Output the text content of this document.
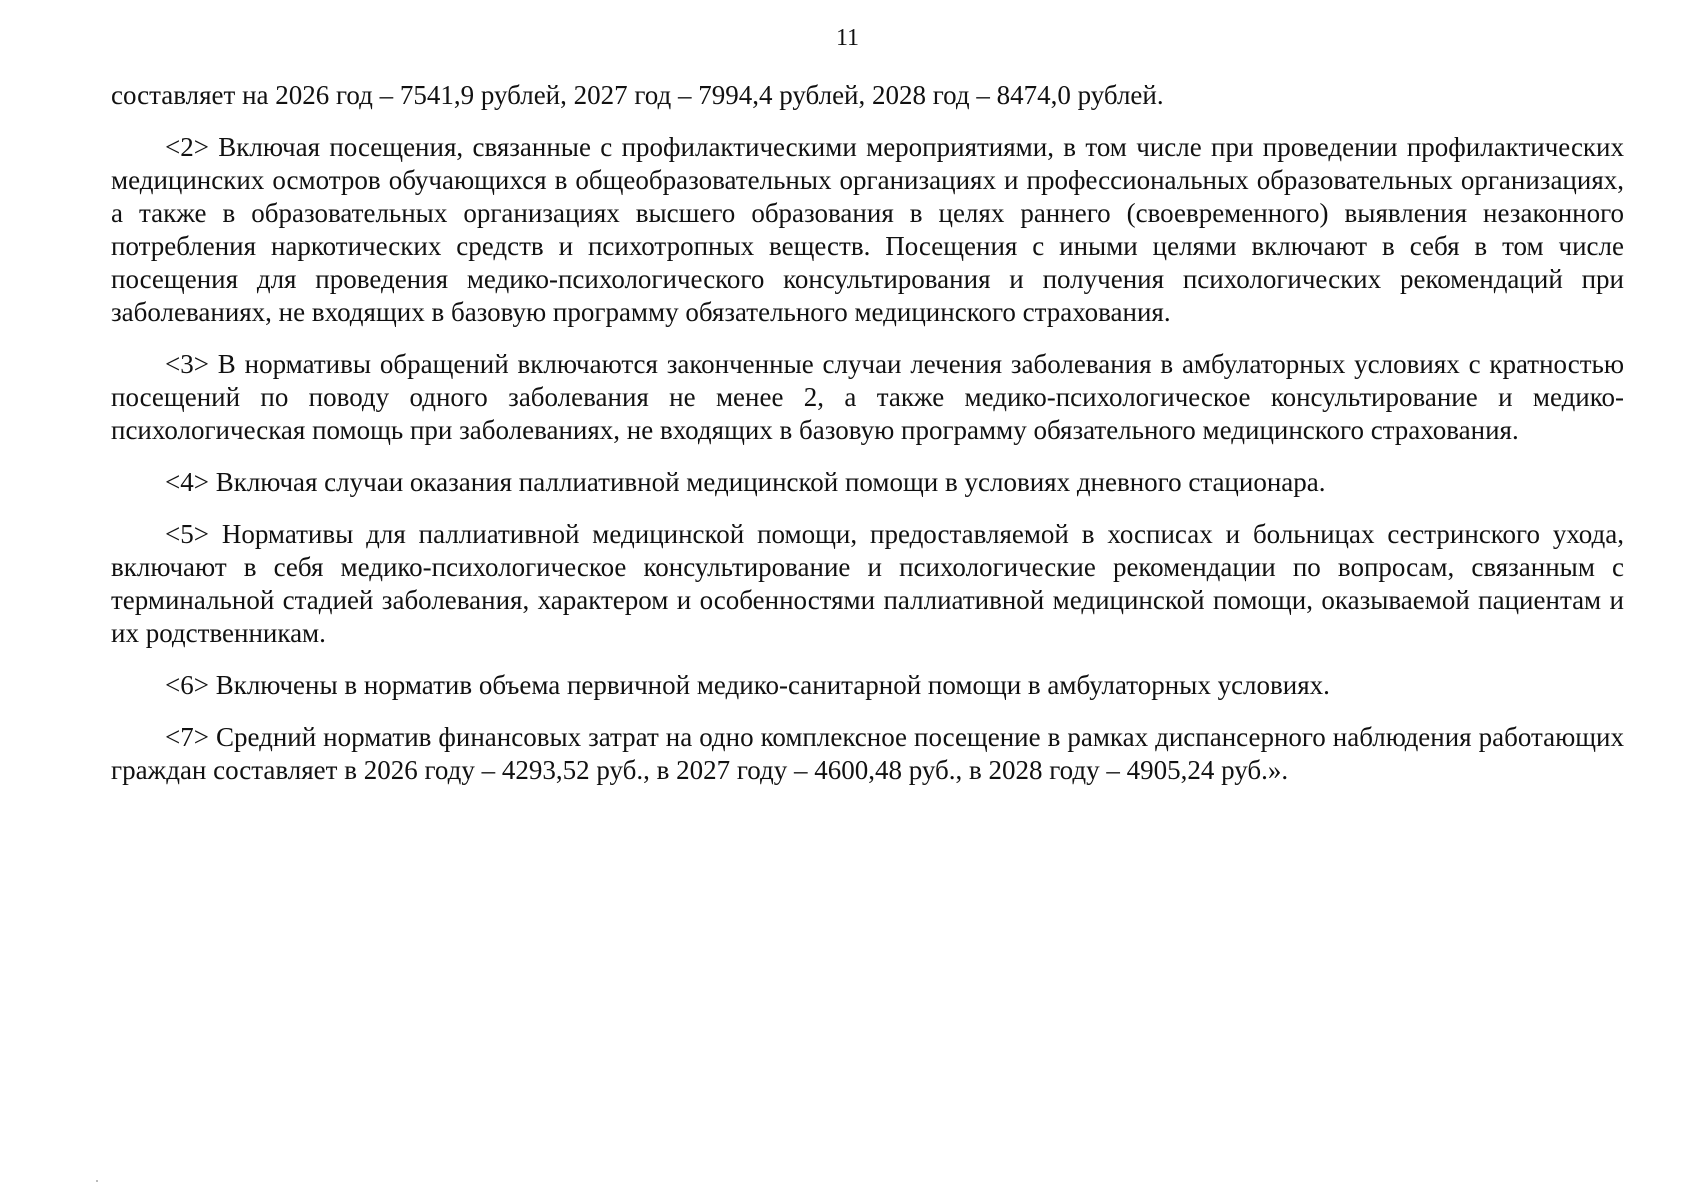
11

составляет на 2026 год – 7541,9 рублей, 2027 год – 7994,4 рублей, 2028 год – 8474,0 рублей.

<2> Включая посещения, связанные с профилактическими мероприятиями, в том числе при проведении профилактических медицинских осмотров обучающихся в общеобразовательных организациях и профессиональных образовательных организациях, а также в образовательных организациях высшего образования в целях раннего (своевременного) выявления незаконного потребления наркотических средств и психотропных веществ. Посещения с иными целями включают в себя в том числе посещения для проведения медико-психологического консультирования и получения психологических рекомендаций при заболеваниях, не входящих в базовую программу обязательного медицинского страхования.

<3> В нормативы обращений включаются законченные случаи лечения заболевания в амбулаторных условиях с кратностью посещений по поводу одного заболевания не менее 2, а также медико-психологическое консультирование и медико-психологическая помощь при заболеваниях, не входящих в базовую программу обязательного медицинского страхования.

<4> Включая случаи оказания паллиативной медицинской помощи в условиях дневного стационара.

<5> Нормативы для паллиативной медицинской помощи, предоставляемой в хосписах и больницах сестринского ухода, включают в себя медико-психологическое консультирование и психологические рекомендации по вопросам, связанным с терминальной стадией заболевания, характером и особенностями паллиативной медицинской помощи, оказываемой пациентам и их родственникам.

<6> Включены в норматив объема первичной медико-санитарной помощи в амбулаторных условиях.

<7> Средний норматив финансовых затрат на одно комплексное посещение в рамках диспансерного наблюдения работающих граждан составляет в 2026 году – 4293,52 руб., в 2027 году – 4600,48 руб., в 2028 году – 4905,24 руб.».
